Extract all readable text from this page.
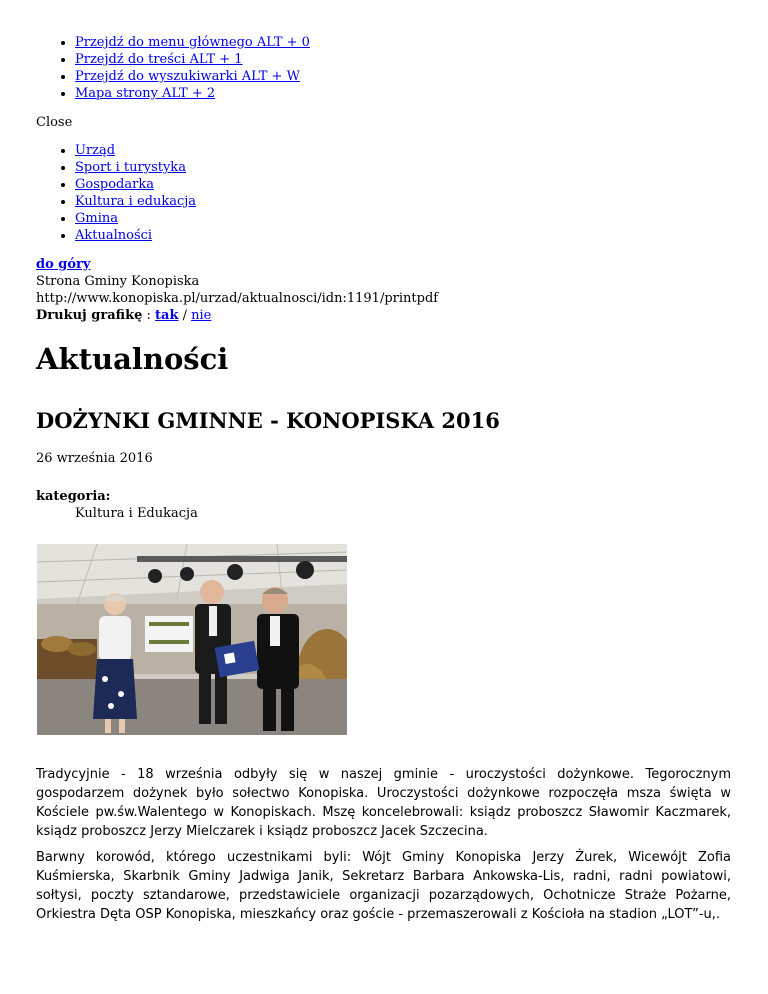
• Przejdź do menu głównego ALT + 0
• Przejdź do treści ALT + 1
• Przejdź do wyszukiwarki ALT + W
• Mapa strony ALT + 2
Close
• Urząd
• Sport i turystyka
• Gospodarka
• Kultura i edukacja
• Gmina
• Aktualności
do góry
Strona Gminy Konopiska
http://www.konopiska.pl/urzad/aktualnosci/idn:1191/printpdf
Drukuj grafikę : tak / nie
Aktualności
DOŻYNKI GMINNE - KONOPISKA 2016
26 września 2016
kategoria:
Kultura i Edukacja

Tradycyjnie - 18 września odbyły się w naszej gminie - uroczystości dożynkowe. Tegorocznym gospodarzem dożynek było sołectwo Konopiska. Uroczystości dożynkowe rozpoczęła msza święta w Kościele pw.św.Walentego w Konopiskach. Mszę koncelebrowali: ksiądz proboszcz Sławomir Kaczmarek, ksiądz proboszcz Jerzy Mielczarek i ksiądz proboszcz Jacek Szczecina.

Barwny korowód, którego uczestnikami byli: Wójt Gminy Konopiska Jerzy Żurek, Wicewójt Zofia Kuśmierska, Skarbnik Gminy Jadwiga Janik, Sekretarz Barbara Ankowska-Lis, radni, radni powiatowi, sołtysi, poczty sztandarowe, przedstawiciele organizacji pozarządowych, Ochotnicze Straże Pożarne, Orkiestra Dęta OSP Konopiska, mieszkańcy oraz goście - przemaszerowali z Kościoła na stadion „LOT”-u,.
